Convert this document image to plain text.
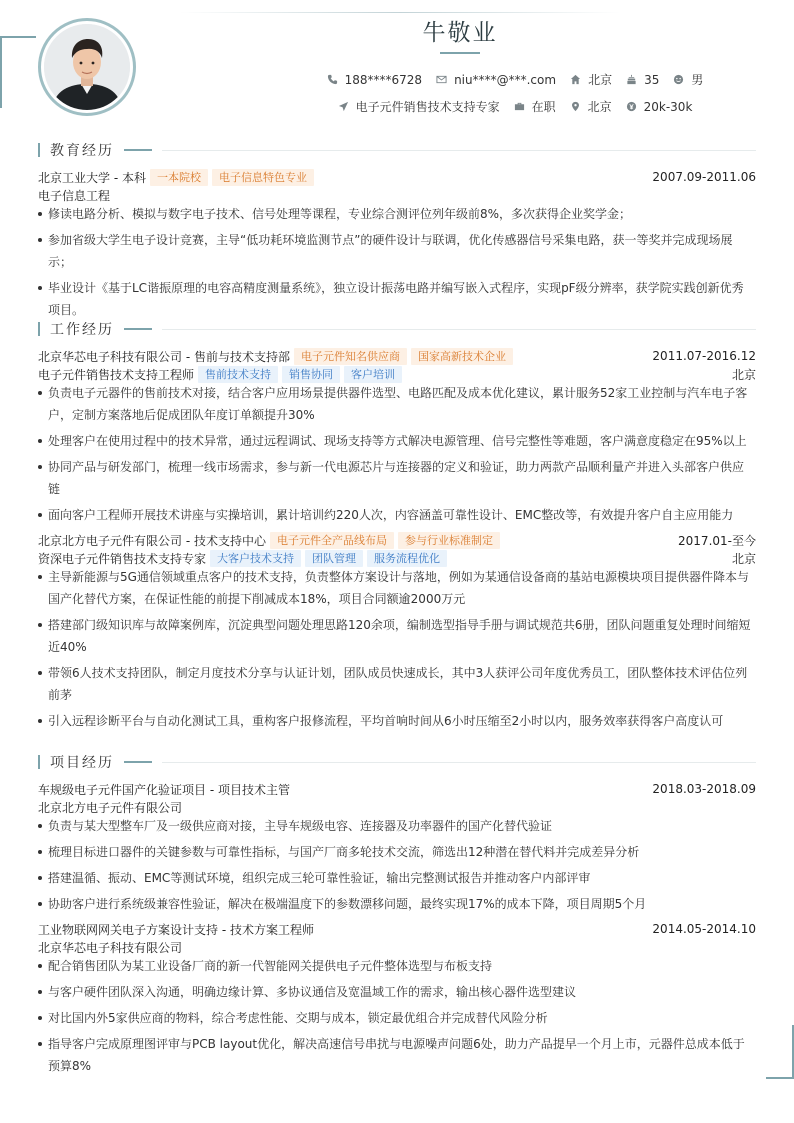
牛敬业
188****6728	niu****@***.com	北京	35	男
电子元件销售技术支持专家	在职	北京	20k-30k
教育经历
北京工业大学 - 本科	一本院校	电子信息特色专业	2007.09-2011.06
电子信息工程
修读电路分析、模拟与数字电子技术、信号处理等课程，专业综合测评位列年级前8%，多次获得企业奖学金；
参加省级大学生电子设计竞赛，主导“低功耗环境监测节点”的硬件设计与联调，优化传感器信号采集电路，获一等奖并完成现场展示；
毕业设计《基于LC谐振原理的电容高精度测量系统》，独立设计振荡电路并编写嵌入式程序，实现pF级分辨率，获学院实践创新优秀项目。
工作经历
北京华芯电子科技有限公司 - 售前与技术支持部	电子元件知名供应商	国家高新技术企业	2011.07-2016.12
电子元件销售技术支持工程师	售前技术支持	销售协同	客户培训	北京
负责电子元器件的售前技术对接，结合客户应用场景提供器件选型、电路匹配及成本优化建议，累计服务52家工业控制与汽车电子客户，定制方案落地后促成团队年度订单额提升30%
处理客户在使用过程中的技术异常，通过远程调试、现场支持等方式解决电源管理、信号完整性等难题，客户满意度稳定在95%以上
协同产品与研发部门，梳理一线市场需求，参与新一代电源芯片与连接器的定义和验证，助力两款产品顺利量产并进入头部客户供应链
面向客户工程师开展技术讲座与实操培训，累计培训约220人次，内容涵盖可靠性设计、EMC整改等，有效提升客户自主应用能力
北京北方电子元件有限公司 - 技术支持中心	电子元件全产品线布局	参与行业标准制定	2017.01-至今
资深电子元件销售技术支持专家	大客户技术支持	团队管理	服务流程优化	北京
主导新能源与5G通信领域重点客户的技术支持，负责整体方案设计与落地，例如为某通信设备商的基站电源模块项目提供器件降本与国产化替代方案，在保证性能的前提下削减成本18%，项目合同额逾2000万元
搭建部门级知识库与故障案例库，沉淀典型问题处理思路120余项，编制选型指导手册与调试规范共6册，团队问题重复处理时间缩短近40%
带领6人技术支持团队，制定月度技术分享与认证计划，团队成员快速成长，其中3人获评公司年度优秀员工，团队整体技术评估位列前茅
引入远程诊断平台与自动化测试工具，重构客户报修流程，平均首响时间从6小时压缩至2小时以内，服务效率获得客户高度认可
项目经历
车规级电子元件国产化验证项目 - 项目技术主管	2018.03-2018.09
北京北方电子元件有限公司
负责与某大型整车厂及一级供应商对接，主导车规级电容、连接器及功率器件的国产化替代验证
梳理目标进口器件的关键参数与可靠性指标，与国产厂商多轮技术交流，筛选出12种潜在替代料并完成差异分析
搭建温循、振动、EMC等测试环境，组织完成三轮可靠性验证，输出完整测试报告并推动客户内部评审
协助客户进行系统级兼容性验证，解决在极端温度下的参数漂移问题，最终实现17%的成本下降，项目周期5个月
工业物联网网关电子方案设计支持 - 技术方案工程师	2014.05-2014.10
北京华芯电子科技有限公司
配合销售团队为某工业设备厂商的新一代智能网关提供电子元件整体选型与布板支持
与客户硬件团队深入沟通，明确边缘计算、多协议通信及宽温域工作的需求，输出核心器件选型建议
对比国内外5家供应商的物料，综合考虑性能、交期与成本，锁定最优组合并完成替代风险分析
指导客户完成原理图评审与PCB layout优化，解决高速信号串扰与电源噪声问题6处，助力产品提早一个月上市，元器件总成本低于预算8%
